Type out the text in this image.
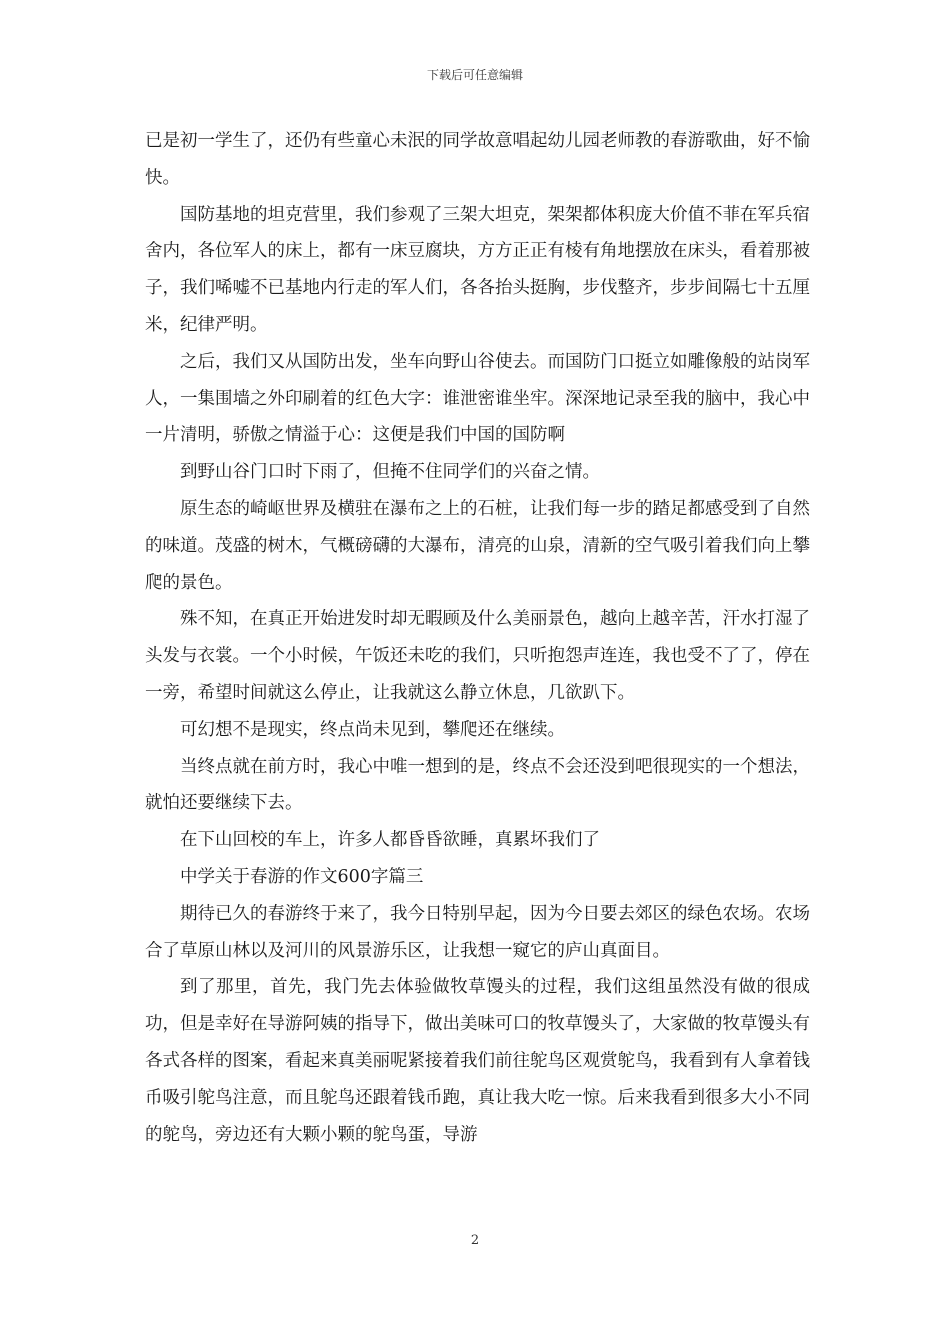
下载后可任意编辑

已是初一学生了，还仍有些童心未泯的同学故意唱起幼儿园老师教的春游歌曲，好不愉快。

国防基地的坦克营里，我们参观了三架大坦克，架架都体积庞大价值不菲在军兵宿舍内，各位军人的床上，都有一床豆腐块，方方正正有棱有角地摆放在床头，看着那被子，我们唏嘘不已基地内行走的军人们，各各抬头挺胸，步伐整齐，步步间隔七十五厘米，纪律严明。

之后，我们又从国防出发，坐车向野山谷使去。而国防门口挺立如雕像般的站岗军人，一集围墙之外印刷着的红色大字：谁泄密谁坐牢。深深地记录至我的脑中，我心中一片清明，骄傲之情溢于心：这便是我们中国的国防啊

到野山谷门口时下雨了，但掩不住同学们的兴奋之情。

原生态的崎岖世界及横驻在瀑布之上的石桩，让我们每一步的踏足都感受到了自然的味道。茂盛的树木，气概磅礴的大瀑布，清亮的山泉，清新的空气吸引着我们向上攀爬的景色。

殊不知，在真正开始进发时却无暇顾及什么美丽景色，越向上越辛苦，汗水打湿了头发与衣裳。一个小时候，午饭还未吃的我们，只听抱怨声连连，我也受不了了，停在一旁，希望时间就这么停止，让我就这么静立休息，几欲趴下。

可幻想不是现实，终点尚未见到，攀爬还在继续。

当终点就在前方时，我心中唯一想到的是，终点不会还没到吧很现实的一个想法，就怕还要继续下去。

在下山回校的车上，许多人都昏昏欲睡，真累坏我们了

中学关于春游的作文600字篇三

期待已久的春游终于来了，我今日特别早起，因为今日要去郊区的绿色农场。农场合了草原山林以及河川的风景游乐区，让我想一窥它的庐山真面目。

到了那里，首先，我门先去体验做牧草馒头的过程，我们这组虽然没有做的很成功，但是幸好在导游阿姨的指导下，做出美味可口的牧草馒头了，大家做的牧草馒头有各式各样的图案，看起来真美丽呢紧接着我们前往鸵鸟区观赏鸵鸟，我看到有人拿着钱币吸引鸵鸟注意，而且鸵鸟还跟着钱币跑，真让我大吃一惊。后来我看到很多大小不同的鸵鸟，旁边还有大颗小颗的鸵鸟蛋，导游

2
